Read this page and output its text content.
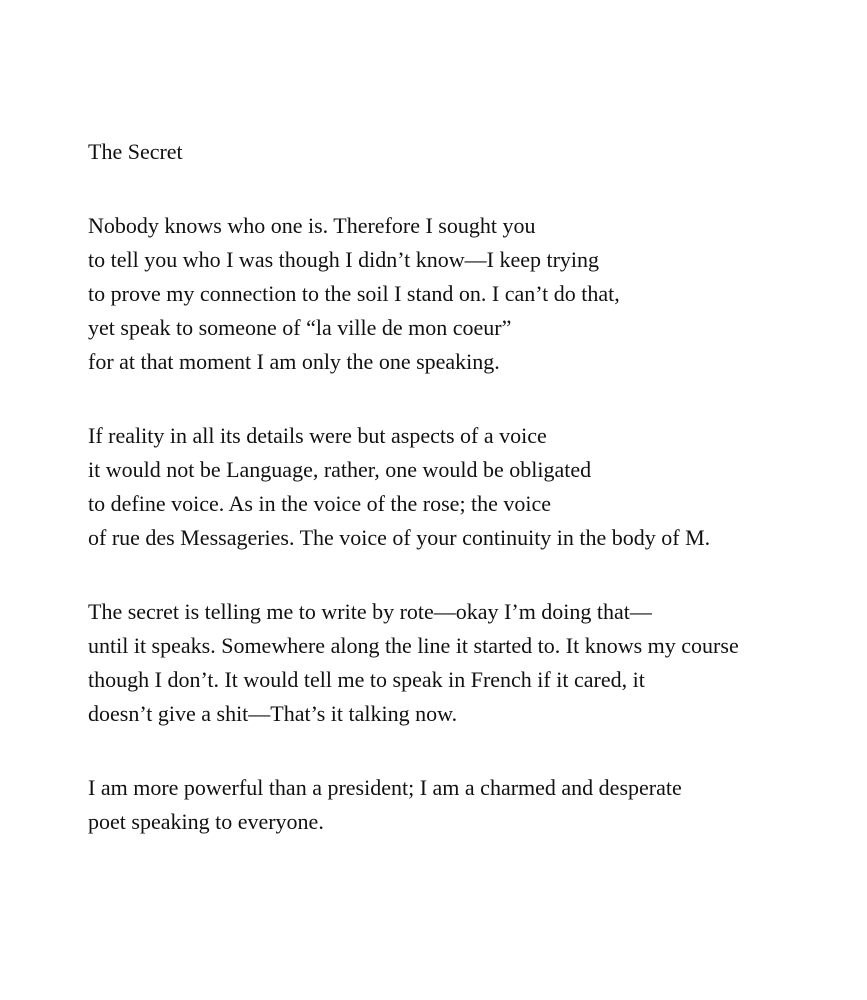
The Secret
Nobody knows who one is. Therefore I sought you
to tell you who I was though I didn’t know—I keep trying
to prove my connection to the soil I stand on. I can’t do that,
yet speak to someone of “la ville de mon coeur”
for at that moment I am only the one speaking.
If reality in all its details were but aspects of a voice
it would not be Language, rather, one would be obligated
to define voice. As in the voice of the rose; the voice
of rue des Messageries. The voice of your continuity in the body of M.
The secret is telling me to write by rote—okay I’m doing that—
until it speaks. Somewhere along the line it started to. It knows my course
though I don’t. It would tell me to speak in French if it cared, it
doesn’t give a shit—That’s it talking now.
I am more powerful than a president; I am a charmed and desperate
poet speaking to everyone.
